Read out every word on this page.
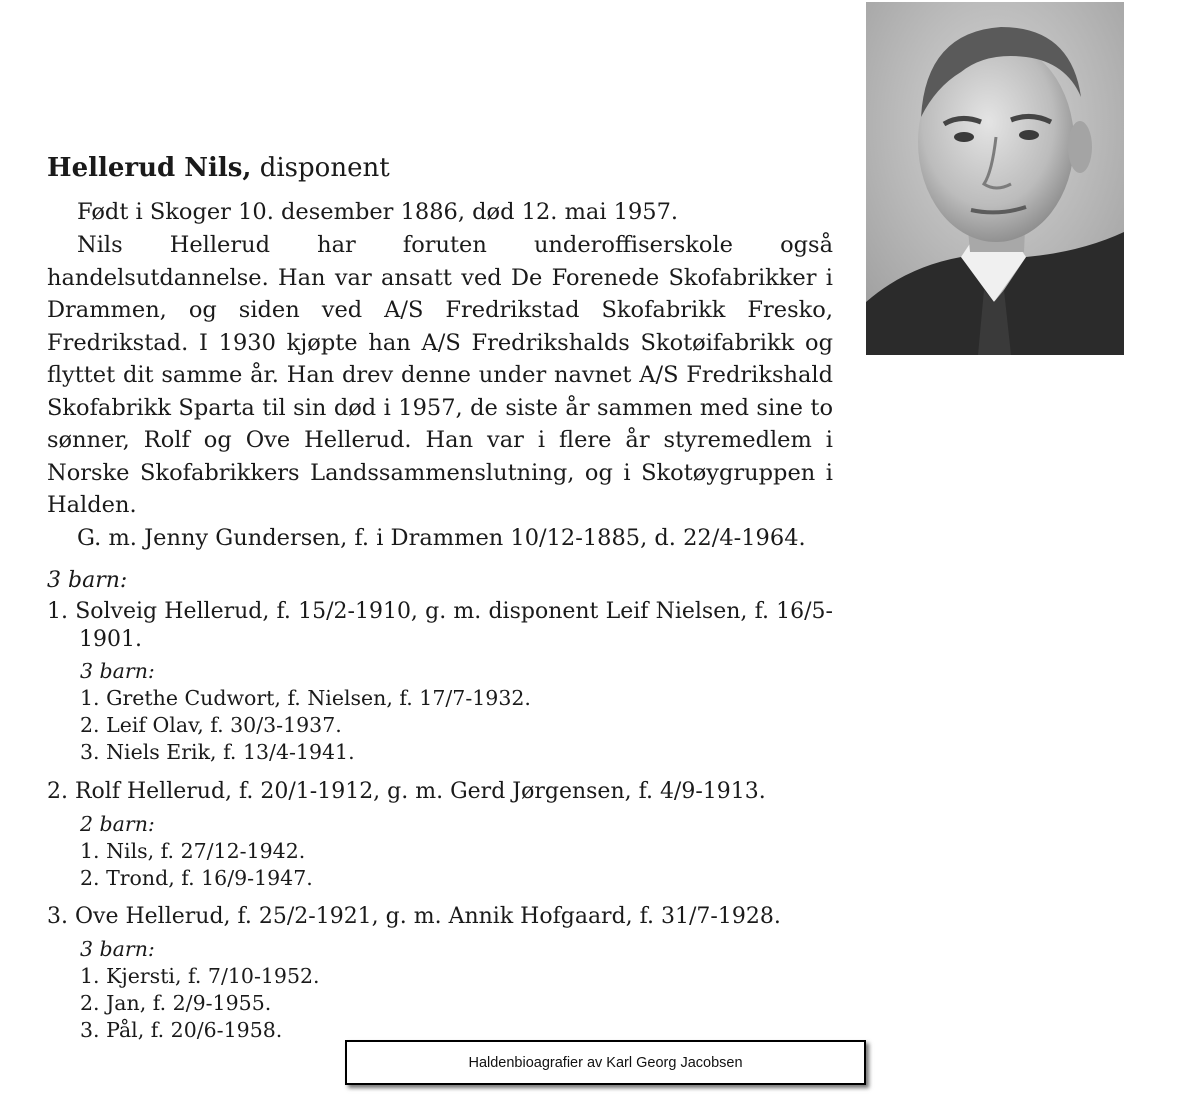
Hellerud Nils, disponent
Født i Skoger 10. desember 1886, død 12. mai 1957.
Nils Hellerud har foruten underoffiserskole også handelsutdannelse. Han var ansatt ved De Forenede Skofabrikker i Drammen, og siden ved A/S Fredrikstad Skofabrikk Fresko, Fredrikstad. I 1930 kjøpte han A/S Fredrikshalds Skotøifabrikk og flyttet dit samme år. Han drev denne under navnet A/S Fredrikshald Skofabrikk Sparta til sin død i 1957, de siste år sammen med sine to sønner, Rolf og Ove Hellerud. Han var i flere år styremedlem i Norske Skofabrikkers Landssammenslutning, og i Skotøygruppen i Halden.
G. m. Jenny Gundersen, f. i Drammen 10/12-1885, d. 22/4-1964.
3 barn:
1. Solveig Hellerud, f. 15/2-1910, g. m. disponent Leif Nielsen, f. 16/5-1901.
3 barn:
1. Grethe Cudwort, f. Nielsen, f. 17/7-1932.
2. Leif Olav, f. 30/3-1937.
3. Niels Erik, f. 13/4-1941.
2. Rolf Hellerud, f. 20/1-1912, g. m. Gerd Jørgensen, f. 4/9-1913.
2 barn:
1. Nils, f. 27/12-1942.
2. Trond, f. 16/9-1947.
3. Ove Hellerud, f. 25/2-1921, g. m. Annik Hofgaard, f. 31/7-1928.
3 barn:
1. Kjersti, f. 7/10-1952.
2. Jan, f. 2/9-1955.
3. Pål, f. 20/6-1958.
Haldenbioagrafier av Karl Georg Jacobsen
